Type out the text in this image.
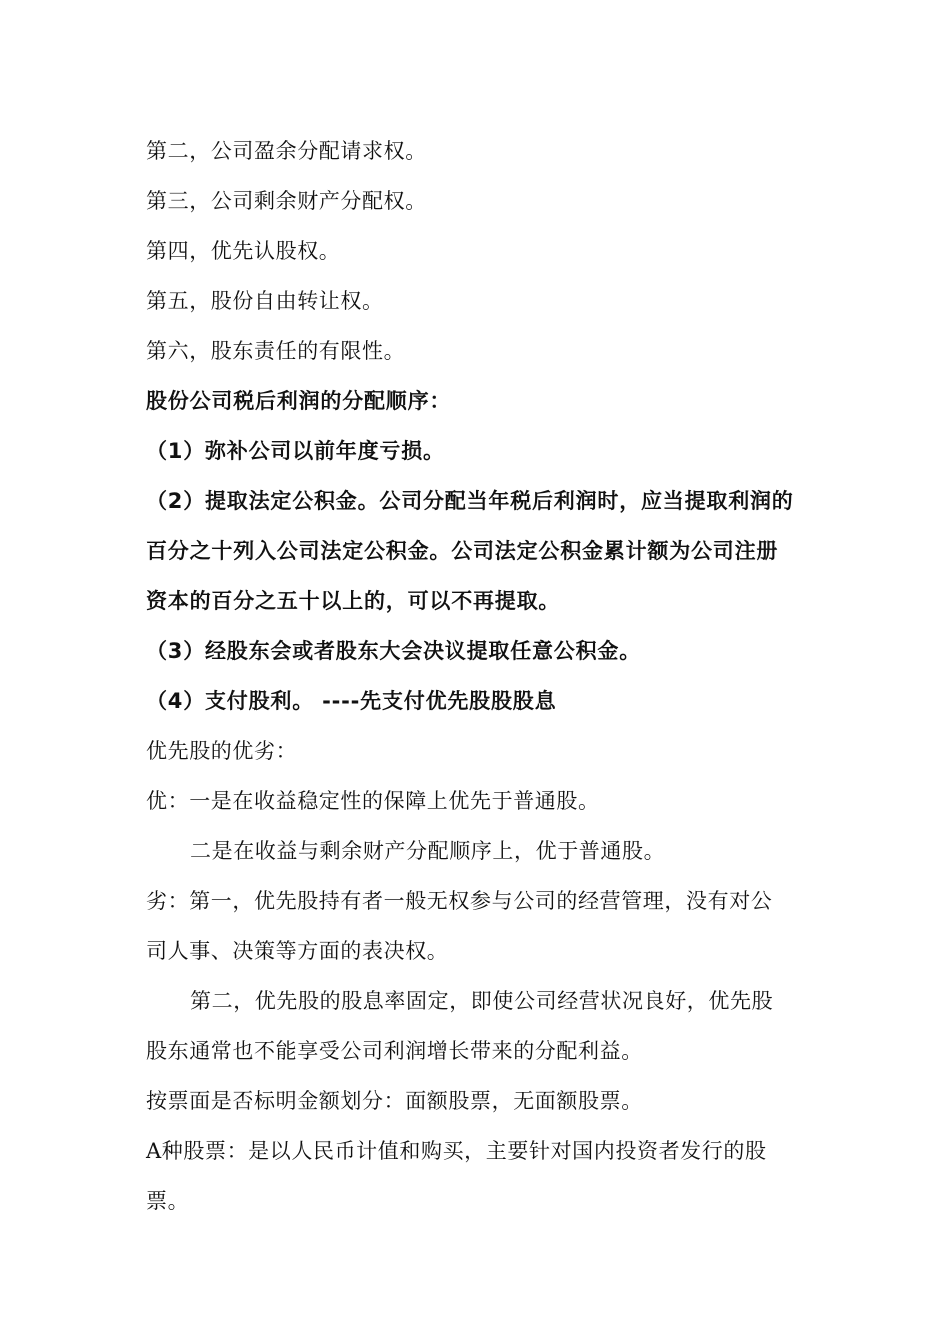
第二，公司盈余分配请求权。
第三，公司剩余财产分配权。
第四，优先认股权。
第五，股份自由转让权。
第六，股东责任的有限性。
股份公司税后利润的分配顺序：
（1）弥补公司以前年度亏损。
（2）提取法定公积金。公司分配当年税后利润时，应当提取利润的
百分之十列入公司法定公积金。公司法定公积金累计额为公司注册
资本的百分之五十以上的，可以不再提取。
（3）经股东会或者股东大会决议提取任意公积金。
（4）支付股利。 ----先支付优先股股股息
优先股的优劣：
优：一是在收益稳定性的保障上优先于普通股。
二是在收益与剩余财产分配顺序上，优于普通股。
劣：第一，优先股持有者一般无权参与公司的经营管理，没有对公
司人事、决策等方面的表决权。
第二，优先股的股息率固定，即使公司经营状况良好，优先股
股东通常也不能享受公司利润增长带来的分配利益。
按票面是否标明金额划分：面额股票，无面额股票。
A种股票：是以人民币计值和购买，主要针对国内投资者发行的股
票。
